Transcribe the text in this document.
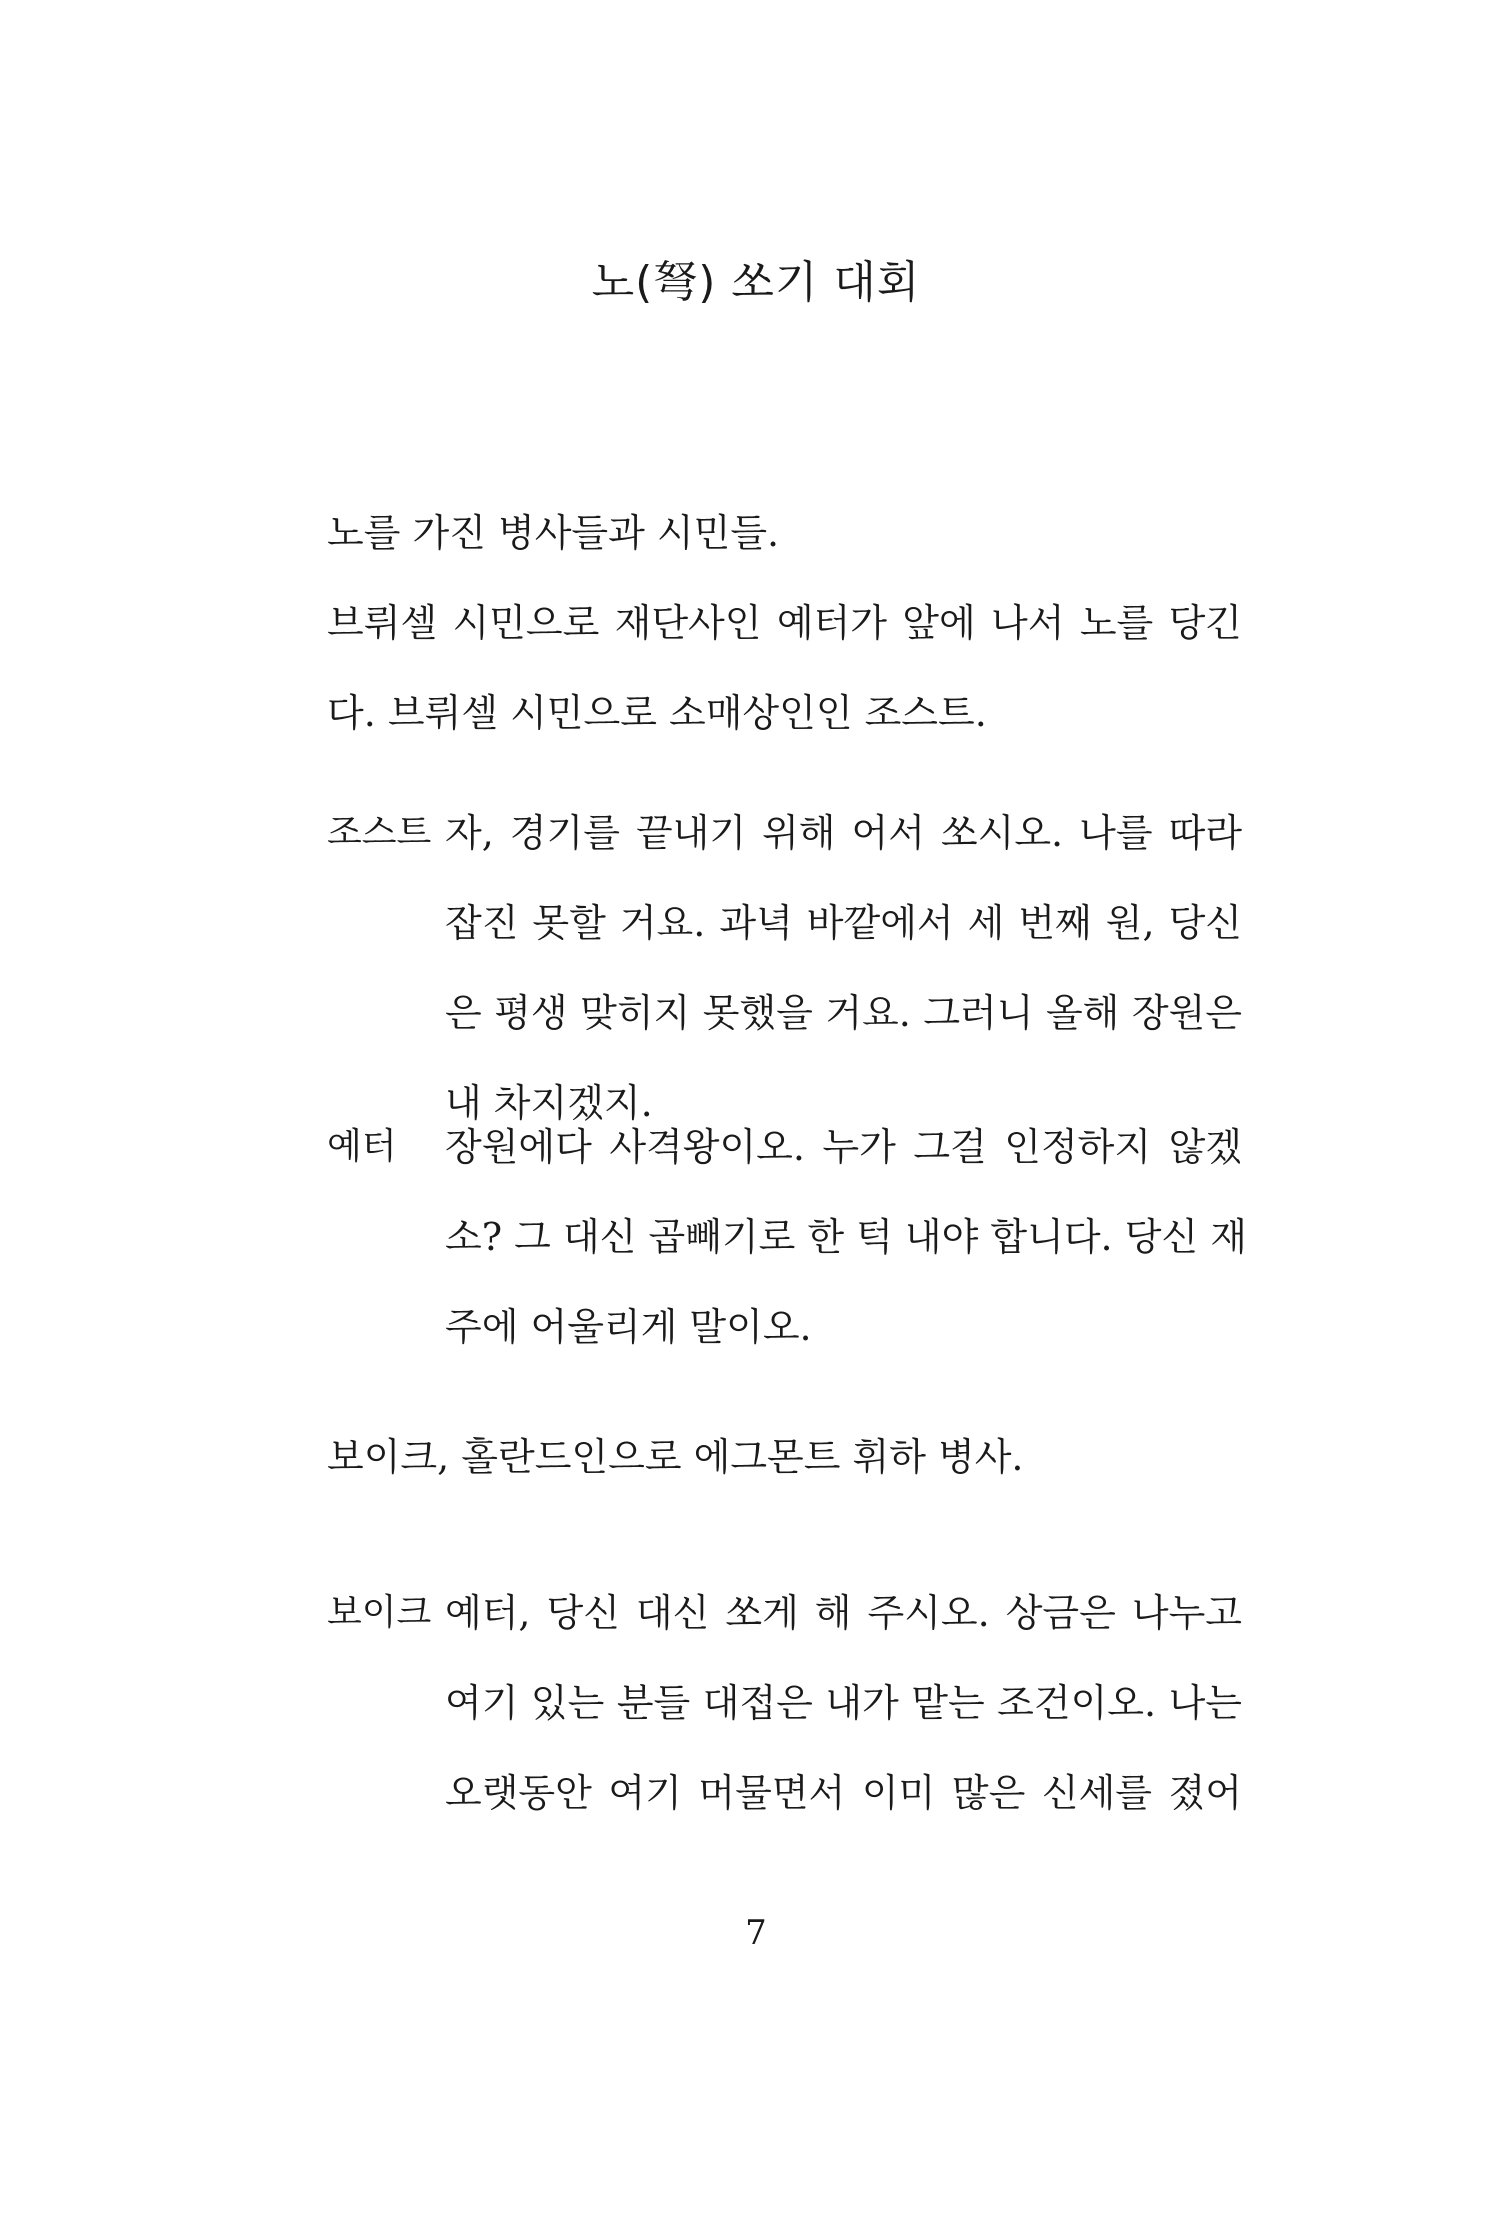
노(弩) 쏘기 대회
노를 가진 병사들과 시민들.
브뤼셀 시민으로 재단사인 예터가 앞에 나서 노를 당긴
다. 브뤼셀 시민으로 소매상인인 조스트.
조스트 자, 경기를 끝내기 위해 어서 쏘시오. 나를 따라
잡진 못할 거요. 과녁 바깥에서 세 번째 원, 당신
은 평생 맞히지 못했을 거요. 그러니 올해 장원은
내 차지겠지.
예터 장원에다 사격왕이오. 누가 그걸 인정하지 않겠
소? 그 대신 곱빼기로 한 턱 내야 합니다. 당신 재
주에 어울리게 말이오.
보이크, 홀란드인으로 에그몬트 휘하 병사.
보이크 예터, 당신 대신 쏘게 해 주시오. 상금은 나누고
여기 있는 분들 대접은 내가 맡는 조건이오. 나는
오랫동안 여기 머물면서 이미 많은 신세를 졌어
7
